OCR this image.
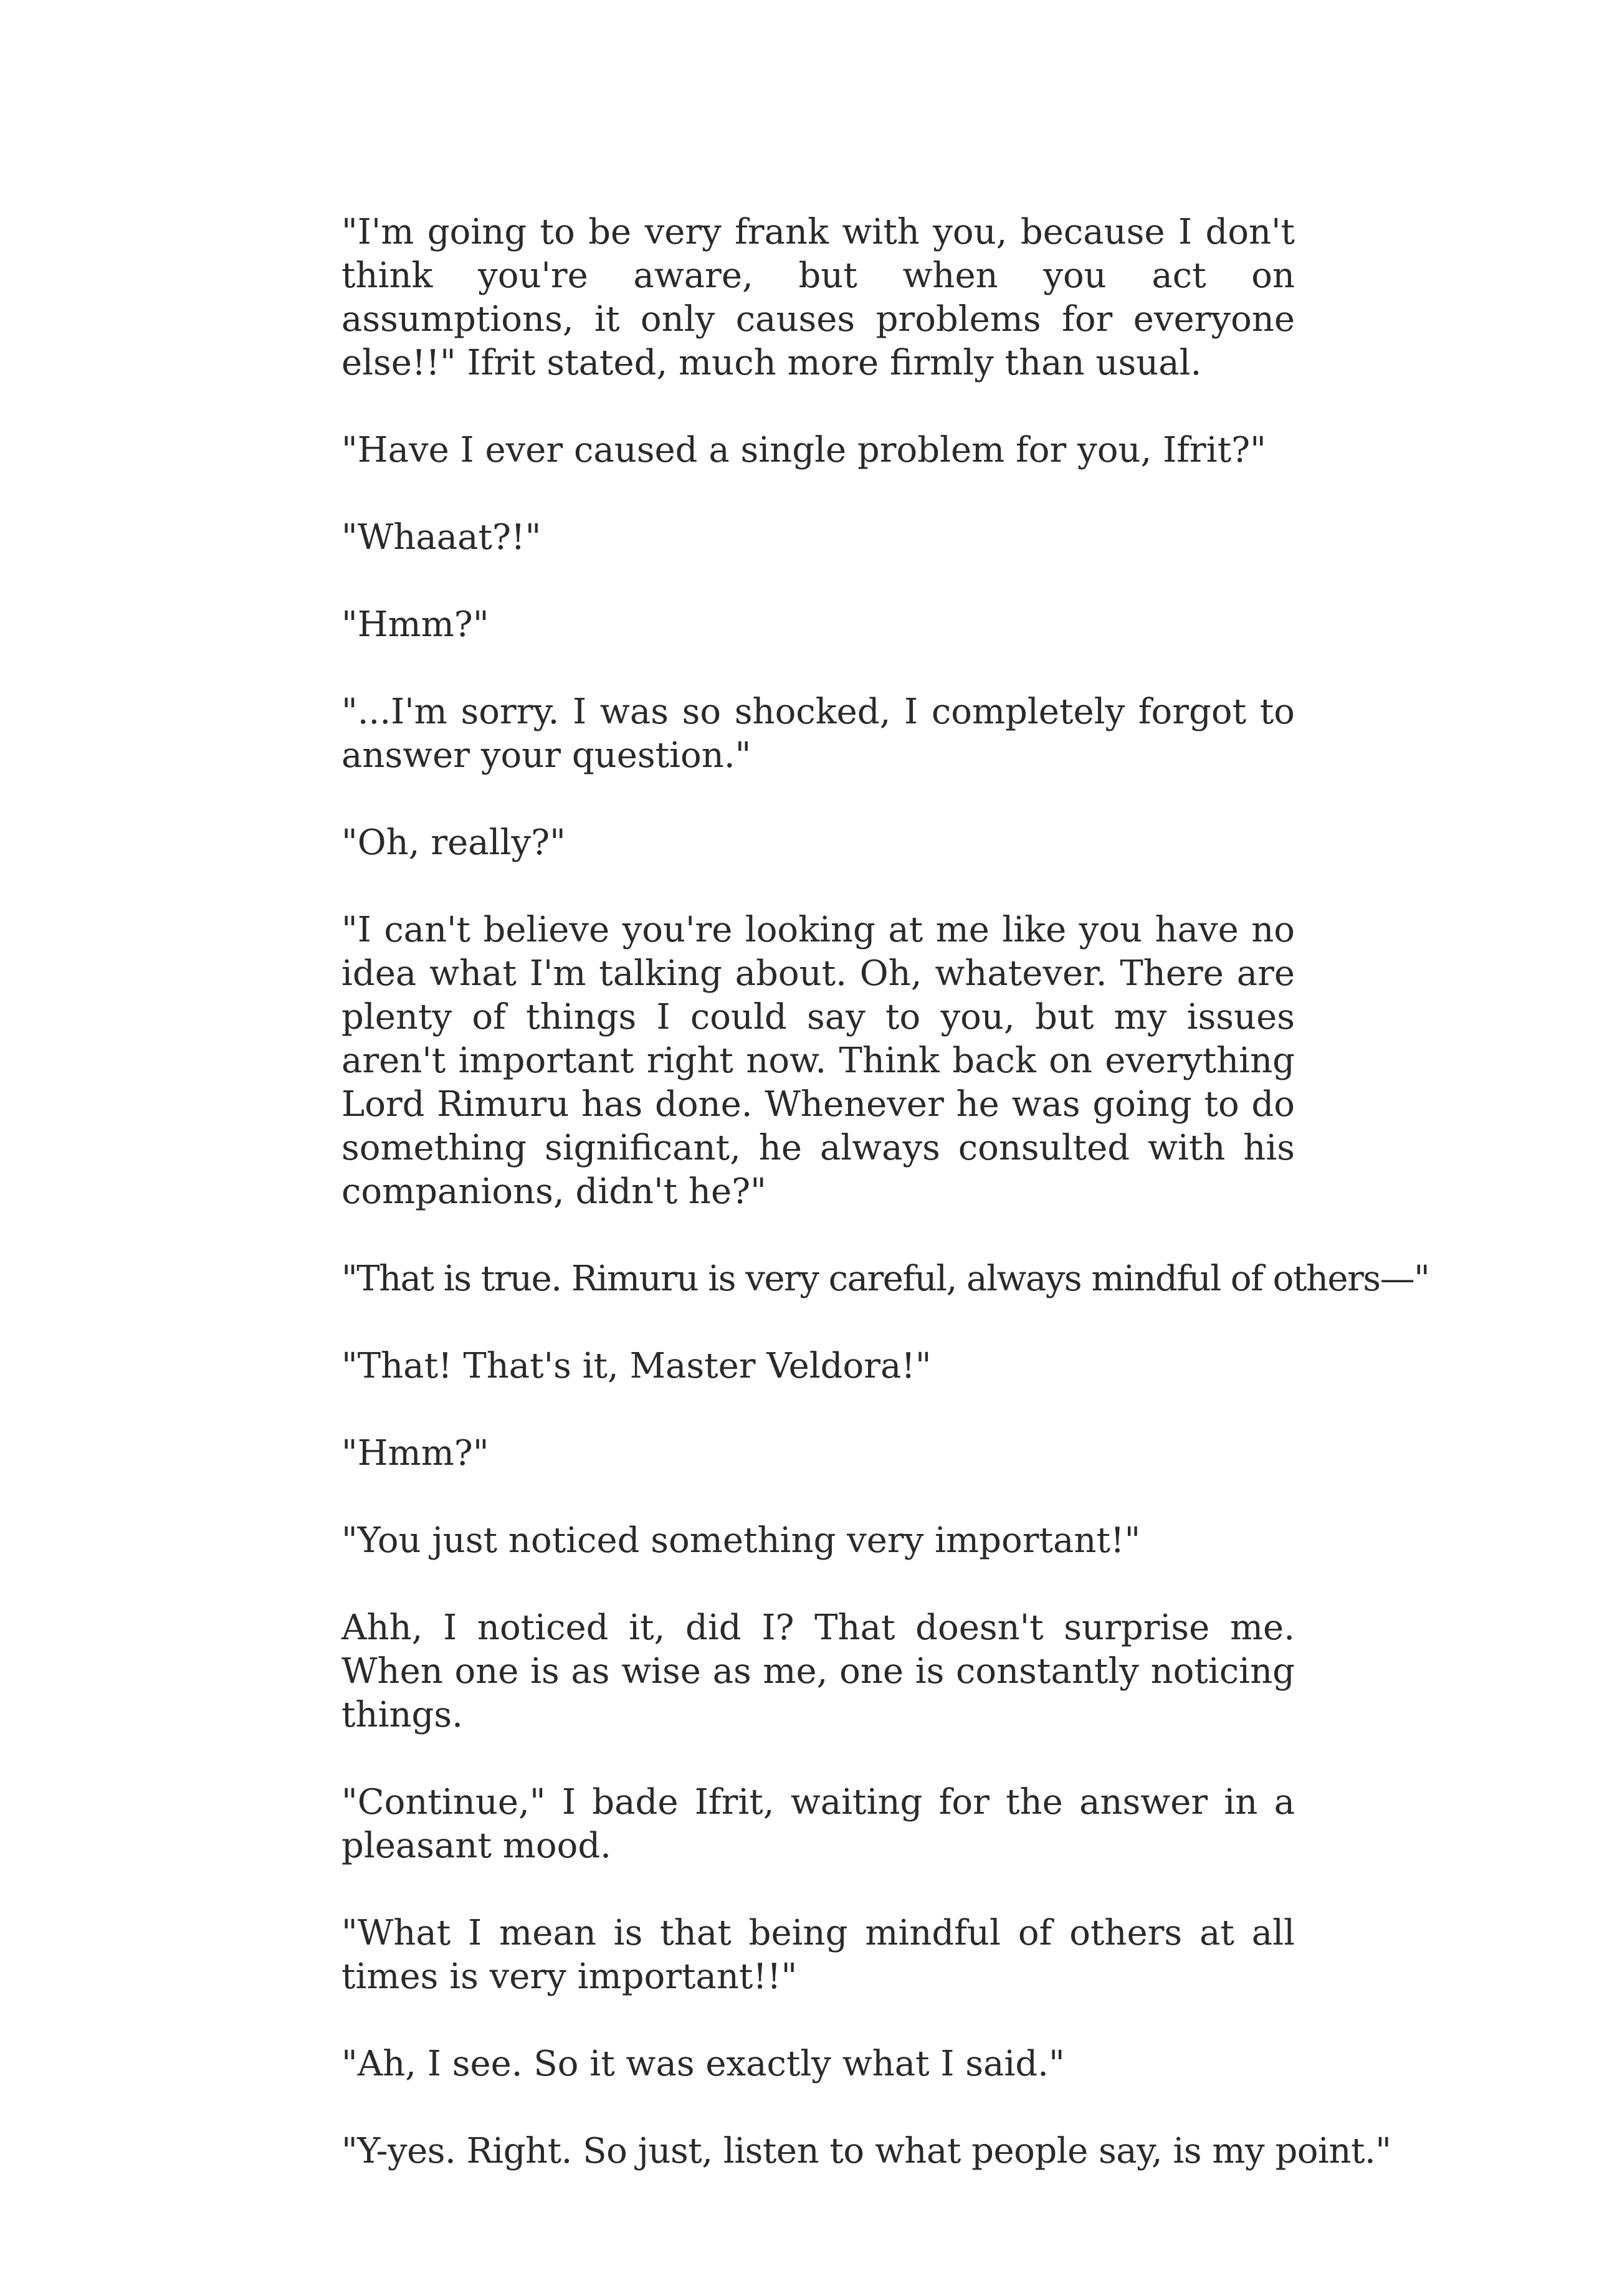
"I'm going to be very frank with you, because I don't think you're aware, but when you act on assumptions, it only causes problems for everyone else!!" Ifrit stated, much more firmly than usual.

"Have I ever caused a single problem for you, Ifrit?"

"Whaaat?!"

"Hmm?"

"...I'm sorry. I was so shocked, I completely forgot to answer your question."

"Oh, really?"

"I can't believe you're looking at me like you have no idea what I'm talking about. Oh, whatever. There are plenty of things I could say to you, but my issues aren't important right now. Think back on everything Lord Rimuru has done. Whenever he was going to do something significant, he always consulted with his companions, didn't he?"

"That is true. Rimuru is very careful, always mindful of others—"

"That! That's it, Master Veldora!"

"Hmm?"

"You just noticed something very important!"

Ahh, I noticed it, did I? That doesn't surprise me. When one is as wise as me, one is constantly noticing things.

"Continue," I bade Ifrit, waiting for the answer in a pleasant mood.

"What I mean is that being mindful of others at all times is very important!!"

"Ah, I see. So it was exactly what I said."

"Y-yes. Right. So just, listen to what people say, is my point."
